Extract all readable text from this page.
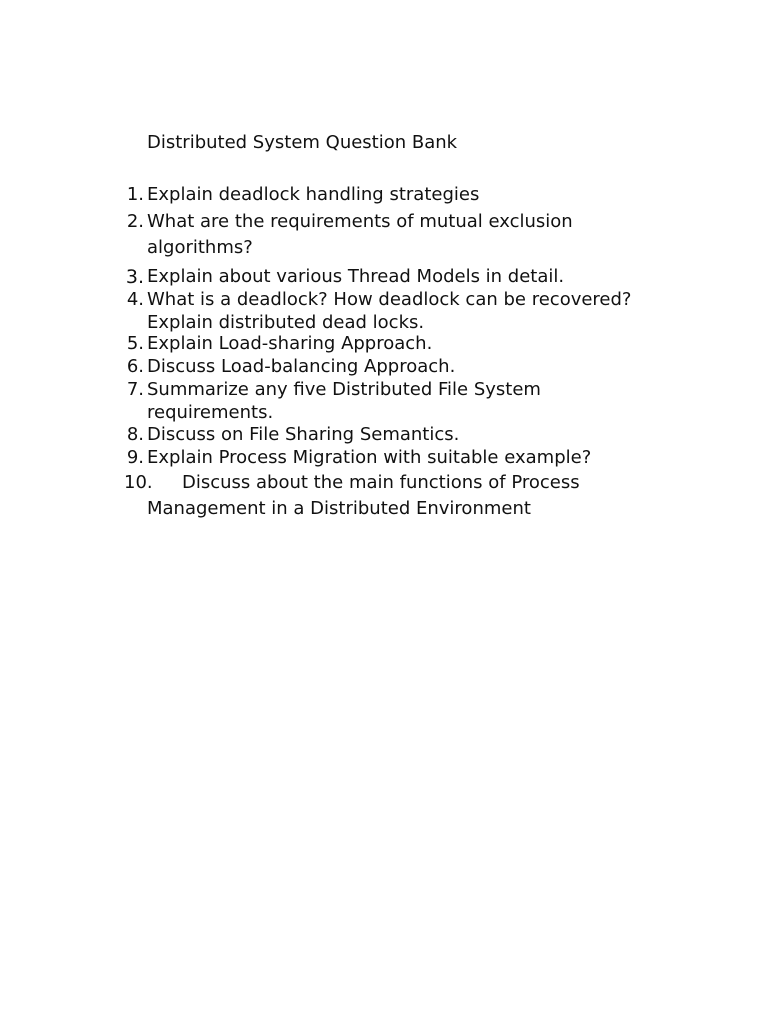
Distributed System Question Bank
1. Explain deadlock handling strategies
2. What are the requirements of mutual exclusion
algorithms?
3. Explain about various Thread Models in detail.
4. What is a deadlock? How deadlock can be recovered?
Explain distributed dead locks.
5. Explain Load-sharing Approach.
6. Discuss Load-balancing Approach.
7. Summarize any five Distributed File System
requirements.
8. Discuss on File Sharing Semantics.
9. Explain Process Migration with suitable example?
10.	Discuss about the main functions of Process
Management in a Distributed Environment
